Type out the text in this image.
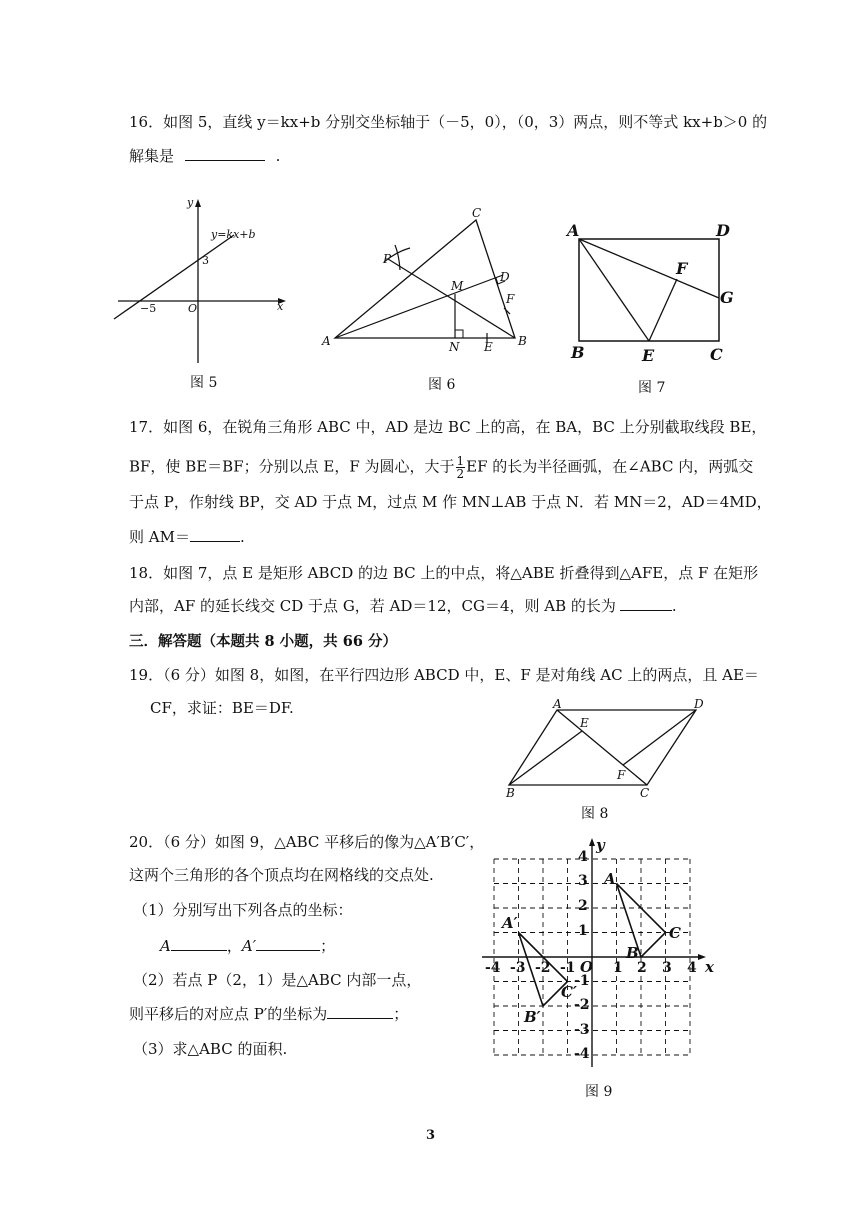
16．如图 5，直线 y＝kx+b 分别交坐标轴于（－5，0），（0，3）两点，则不等式 kx+b＞0 的
解集是	.
y
y=kx+b
3
−5	O	x
图 5
C
P
M
D
F
A	N E B
图 6
A	D
F
G
B	E	C
图 7
17．如图 6，在锐角三角形 ABC 中，AD 是边 BC 上的高，在 BA，BC 上分别截取线段 BE，
BF，使 BE＝BF；分别以点 E，F 为圆心，大于 $\frac{1}{2}$ EF 的长为半径画弧，在∠ABC 内，两弧交
于点 P，作射线 BP，交 AD 于点 M，过点 M 作 MN⊥AB 于点 N．若 MN＝2，AD＝4MD，
则 AM＝	.
18．如图 7，点 E 是矩形 ABCD 的边 BC 上的中点，将△ABE 折叠得到△AFE，点 F 在矩形
内部，AF 的延长线交 CD 于点 G，若 AD＝12，CG＝4，则 AB 的长为	.
三．解答题（本题共 8 小题，共 66 分）
19．（6 分）如图 8，如图，在平行四边形 ABCD 中，E、F 是对角线 AC 上的两点，且 AE＝
CF，求证：BE＝DF.	A	D
E
F
B	C
图 8
20．（6 分）如图 9，△ABC 平移后的像为△A′B′C′，
这两个三角形的各个顶点均在网格线的交点处.
（1）分别写出下列各点的坐标：
A	，A′	；
（2）若点 P（2，1）是△ABC 内部一点，
则平移后的对应点 P′的坐标为	；
（3）求△ABC 的面积.
y
x
O
4
3
2
1
-1
-2
-3
-4
-4 -3 -2 -1	1 2 3 4
A
C
B
A′
C′
B′
图 9
3
